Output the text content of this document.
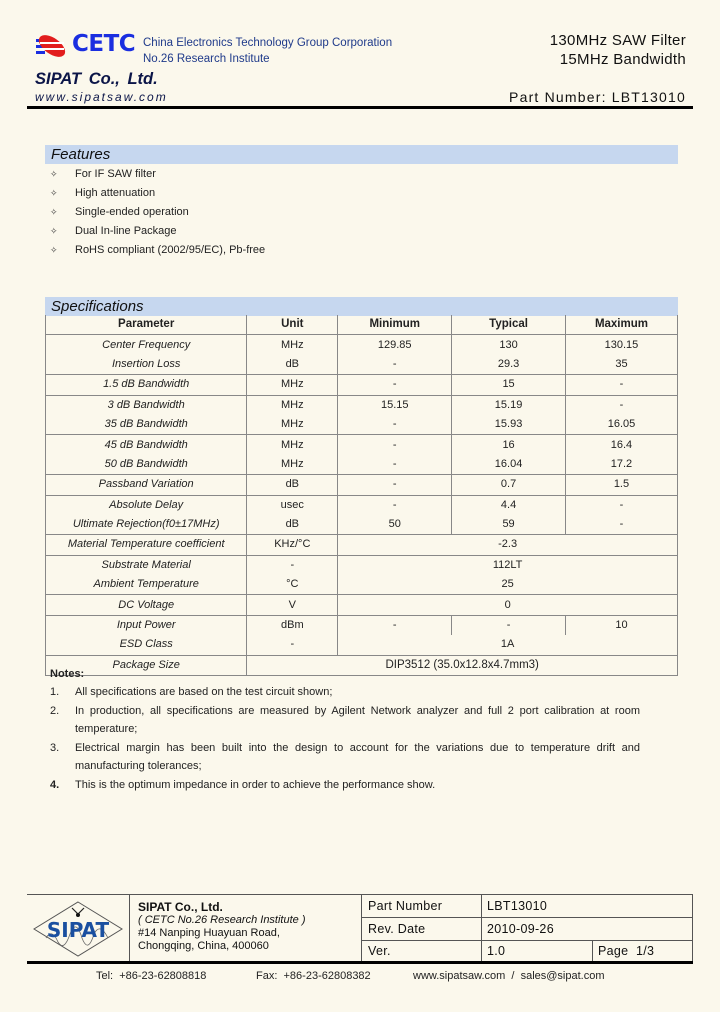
CETC China Electronics Technology Group Corporation
No.26 Research Institute
SIPAT Co., Ltd.
www.sipatsaw.com
130MHz SAW Filter
15MHz Bandwidth
Part Number: LBT13010
Features
✧	For IF SAW filter
✧	High attenuation
✧	Single-ended operation
✧	Dual In-line Package
✧	RoHS compliant (2002/95/EC), Pb-free
Specifications
Parameter	Unit	Minimum	Typical	Maximum
Center Frequency	MHz	129.85	130	130.15
Insertion Loss	dB	-	29.3	35
1.5 dB Bandwidth	MHz	-	15	-
3 dB Bandwidth	MHz	15.15	15.19	-
35 dB Bandwidth	MHz	-	15.93	16.05
45 dB Bandwidth	MHz	-	16	16.4
50 dB Bandwidth	MHz	-	16.04	17.2
Passband Variation	dB	-	0.7	1.5
Absolute Delay	usec	-	4.4	-
Ultimate Rejection(f0±17MHz)	dB	50	59	-
Material Temperature coefficient	KHz/°C	-2.3		
Substrate Material	-	112LT		
Ambient Temperature	°C	25		
DC Voltage	V	0		
Input Power	dBm	-	-	10
ESD Class	-	1A		
Package Size	DIP3512 (35.0x12.8x4.7mm3)			
Notes:
1.	All specifications are based on the test circuit shown;
2.	In production, all specifications are measured by Agilent Network analyzer and full 2 port calibration at room temperature;
3.	Electrical margin has been built into the design to account for the variations due to temperature drift and manufacturing tolerances;
4.	This is the optimum impedance in order to achieve the performance show.
SIPAT
SIPAT Co., Ltd.
( CETC No.26 Research Institute )
#14 Nanping Huayuan Road,
Chongqing, China, 400060
Part Number	LBT13010
Rev. Date	2010-09-26
Ver.	1.0	Page  1/3
Tel:  +86-23-62808818	Fax:  +86-23-62808382	www.sipatsaw.com  /  sales@sipat.com
